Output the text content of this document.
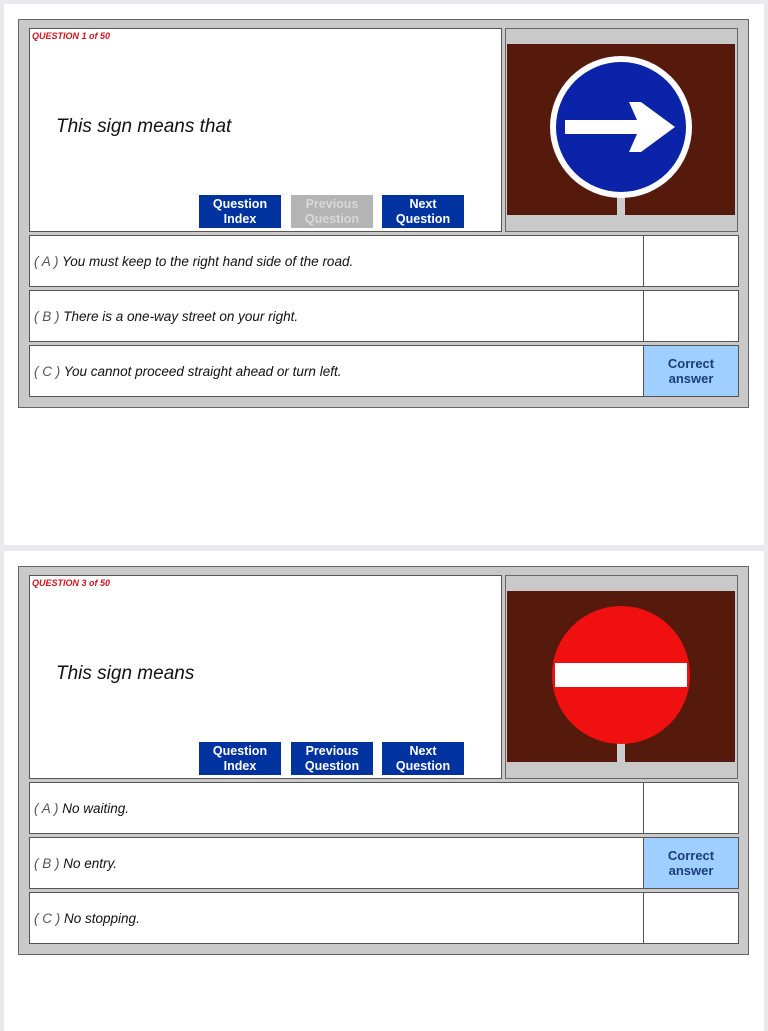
QUESTION 1 of 50
This sign means that
Question Index
Previous Question
Next Question
( A ) You must keep to the right hand side of the road.
( B ) There is a one-way street on your right.
( C ) You cannot proceed straight ahead or turn left.
Correct answer
QUESTION 3 of 50
This sign means
Question Index
Previous Question
Next Question
( A ) No waiting.
( B ) No entry.
Correct answer
( C ) No stopping.
